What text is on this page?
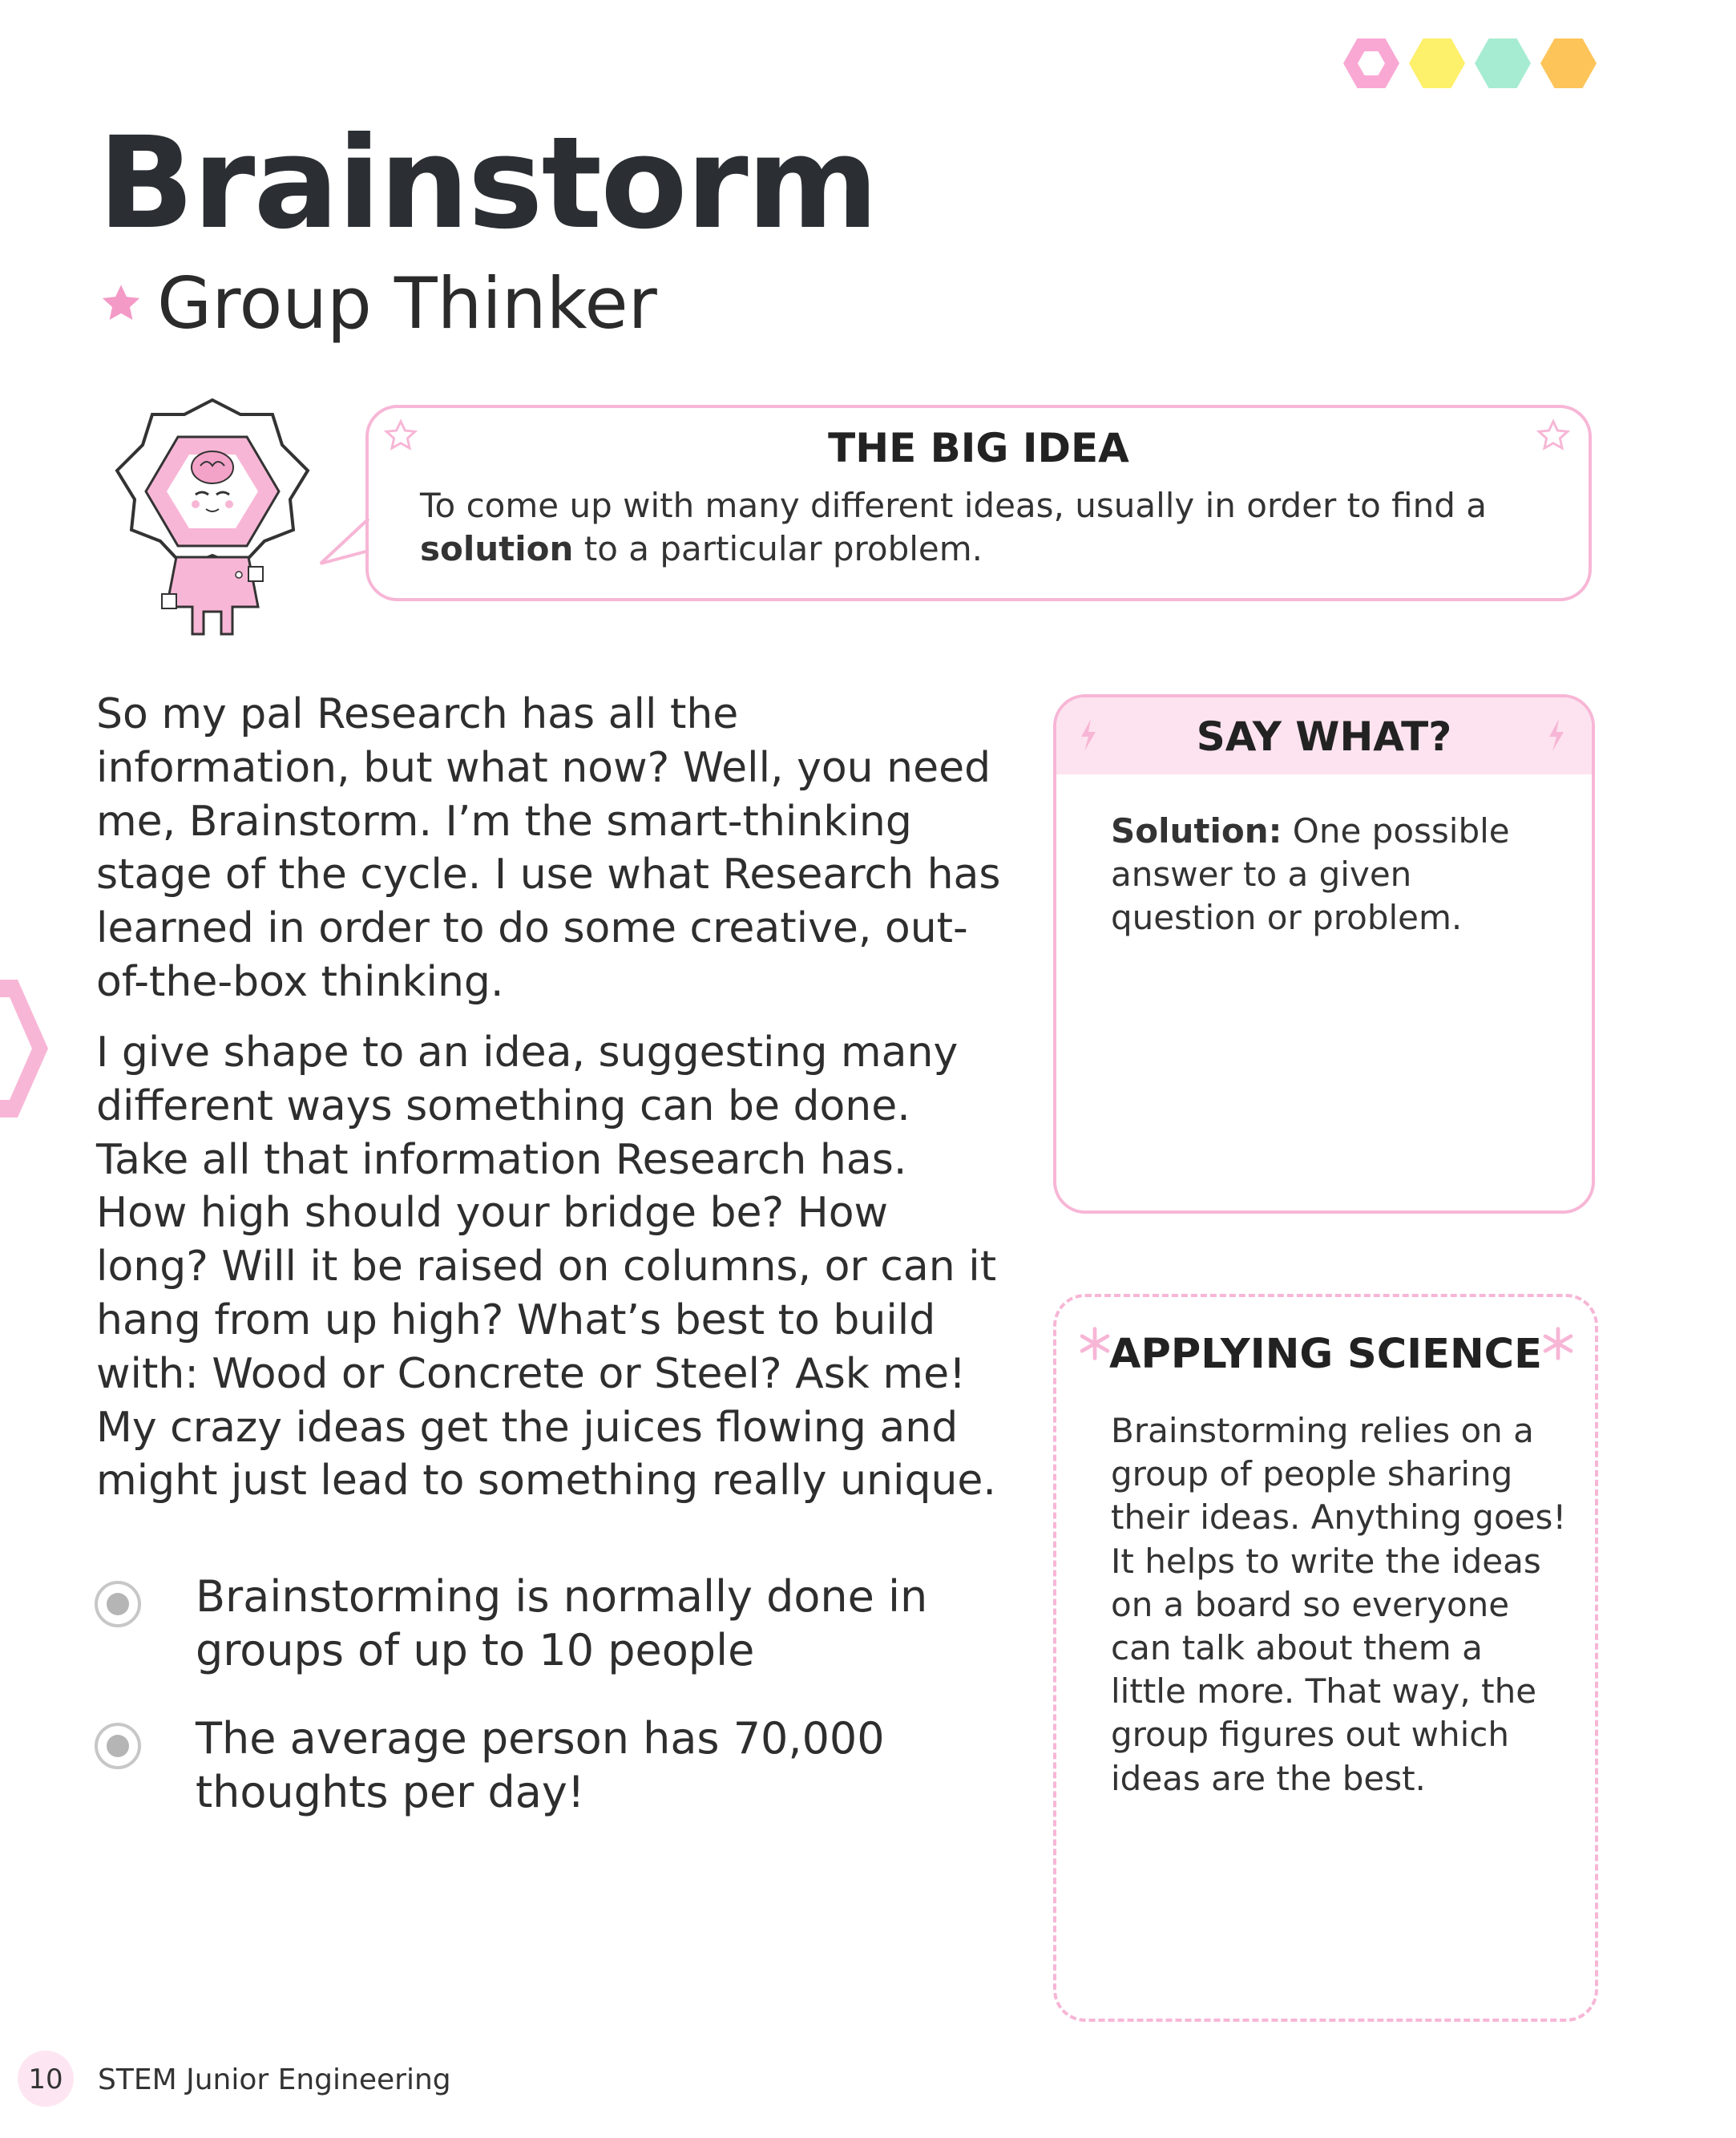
Brainstorm
Group Thinker
THE BIG IDEA
To come up with many different ideas, usually in order to find a solution to a particular problem.
So my pal Research has all the information, but what now? Well, you need me, Brainstorm. I’m the smart-thinking stage of the cycle. I use what Research has learned in order to do some creative, out-of-the-box thinking.
I give shape to an idea, suggesting many different ways something can be done. Take all that information Research has. How high should your bridge be? How long? Will it be raised on columns, or can it hang from up high? What’s best to build with: Wood or Concrete or Steel? Ask me! My crazy ideas get the juices flowing and might just lead to something really unique.
Brainstorming is normally done in groups of up to 10 people
The average person has 70,000 thoughts per day!
SAY WHAT?
Solution: One possible answer to a given question or problem.
APPLYING SCIENCE
Brainstorming relies on a group of people sharing their ideas. Anything goes! It helps to write the ideas on a board so everyone can talk about them a little more. That way, the group figures out which ideas are the best.
10	STEM Junior Engineering
